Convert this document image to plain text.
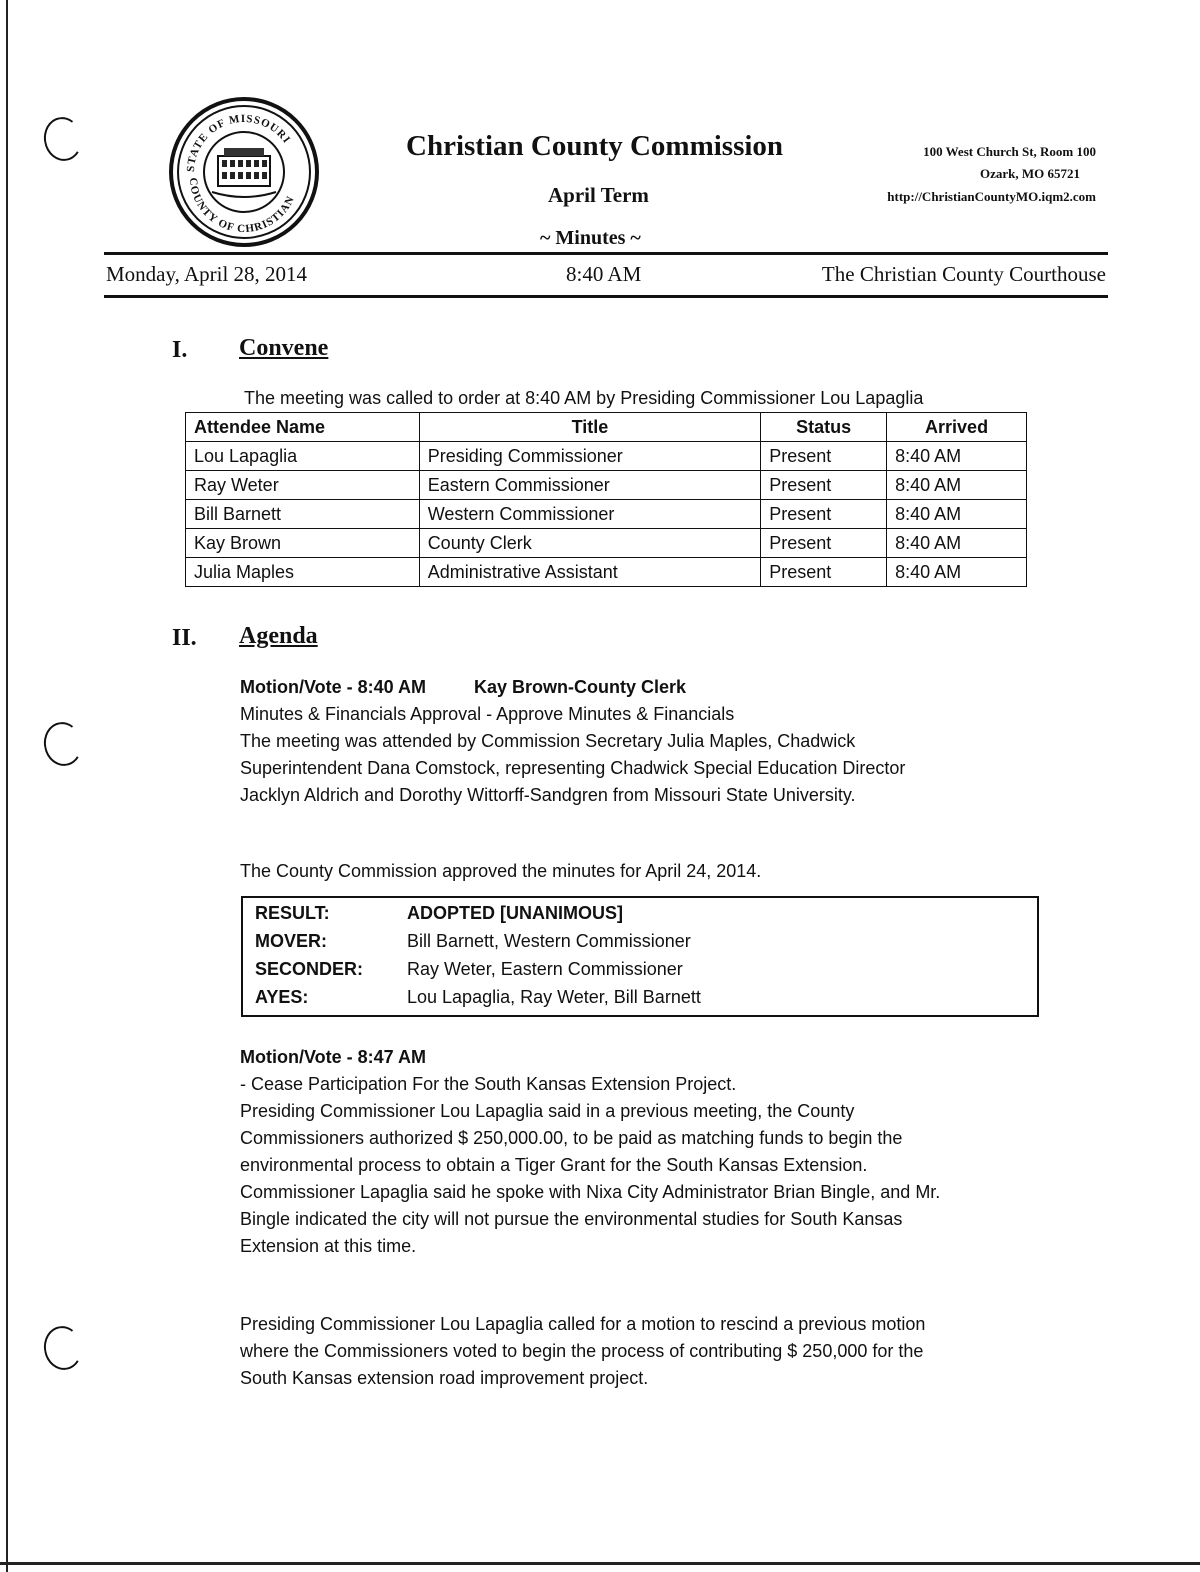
STATE OF MISSOURI
COUNTY OF CHRISTIAN
Christian County Commission
April Term
~ Minutes ~
100 West Church St, Room 100
Ozark, MO 65721
http://ChristianCountyMO.iqm2.com
Monday, April 28, 2014	8:40 AM	The Christian County Courthouse
I. Convene
The meeting was called to order at 8:40 AM by Presiding Commissioner Lou Lapaglia
Attendee Name	Title	Status	Arrived
Lou Lapaglia	Presiding Commissioner	Present	8:40 AM
Ray Weter	Eastern Commissioner	Present	8:40 AM
Bill Barnett	Western Commissioner	Present	8:40 AM
Kay Brown	County Clerk	Present	8:40 AM
Julia Maples	Administrative Assistant	Present	8:40 AM
II. Agenda
Motion/Vote - 8:40 AM	Kay Brown-County Clerk
Minutes & Financials Approval - Approve Minutes & Financials
The meeting was attended by Commission Secretary Julia Maples, Chadwick
Superintendent Dana Comstock, representing Chadwick Special Education Director
Jacklyn Aldrich and Dorothy Wittorff-Sandgren from Missouri State University.
The County Commission approved the minutes for April 24, 2014.
RESULT:	ADOPTED [UNANIMOUS]
MOVER:	Bill Barnett, Western Commissioner
SECONDER: Ray Weter, Eastern Commissioner
AYES:	Lou Lapaglia, Ray Weter, Bill Barnett
Motion/Vote - 8:47 AM
- Cease Participation For the South Kansas Extension Project.
Presiding Commissioner Lou Lapaglia said in a previous meeting, the County
Commissioners authorized $ 250,000.00, to be paid as matching funds to begin the
environmental process to obtain a Tiger Grant for the South Kansas Extension.
Commissioner Lapaglia said he spoke with Nixa City Administrator Brian Bingle, and Mr.
Bingle indicated the city will not pursue the environmental studies for South Kansas
Extension at this time.
Presiding Commissioner Lou Lapaglia called for a motion to rescind a previous motion
where the Commissioners voted to begin the process of contributing $ 250,000 for the
South Kansas extension road improvement project.
